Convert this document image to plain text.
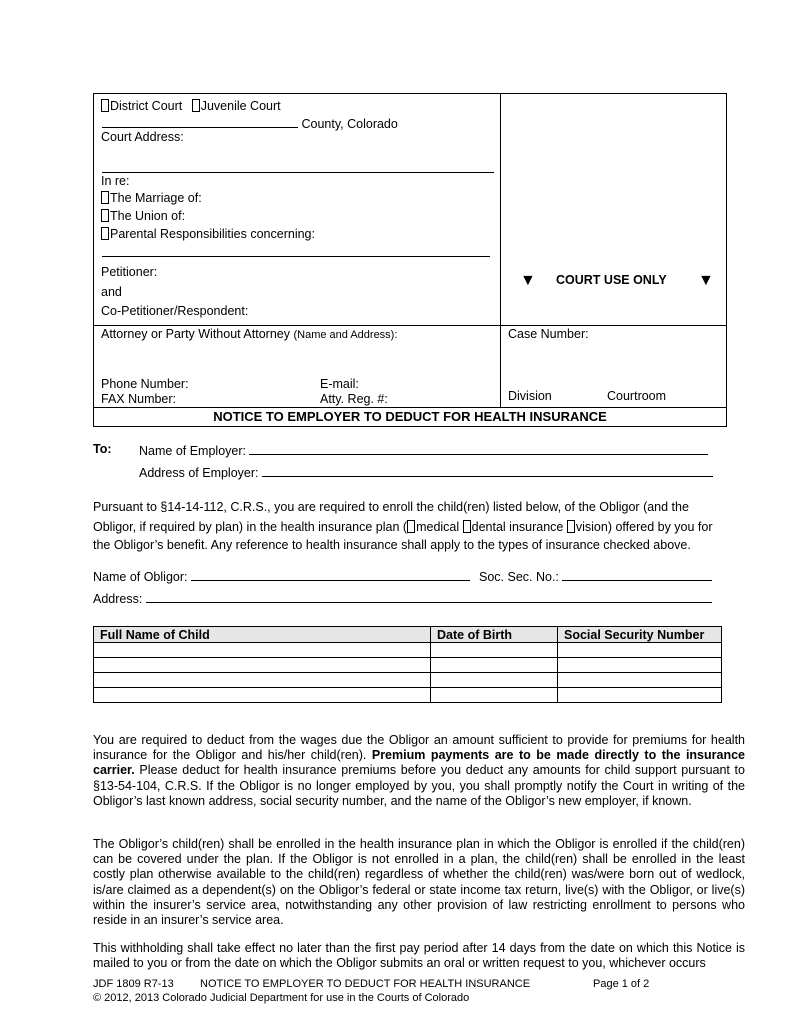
District Court Juvenile Court
County, Colorado
Court Address:
In re:
The Marriage of:
The Union of:
Parental Responsibilities concerning:
Petitioner:
and
Co-Petitioner/Respondent:
Attorney or Party Without Attorney (Name and Address):
Phone Number:	E-mail:
FAX Number:	Atty. Reg. #:
▼ COURT USE ONLY ▼
Case Number:
Division	Courtroom
NOTICE TO EMPLOYER TO DEDUCT FOR HEALTH INSURANCE
To: Name of Employer:
Address of Employer:
Pursuant to §14-14-112, C.R.S., you are required to enroll the child(ren) listed below, of the Obligor (and the
Obligor, if required by plan) in the health insurance plan ( medical dental insurance vision) offered by you for
the Obligor’s benefit. Any reference to health insurance shall apply to the types of insurance checked above.
Name of Obligor:	Soc. Sec. No.:
Address:
Full Name of Child	Date of Birth	Social Security Number

You are required to deduct from the wages due the Obligor an amount sufficient to provide for premiums for health insurance for the Obligor and his/her child(ren). Premium payments are to be made directly to the insurance carrier. Please deduct for health insurance premiums before you deduct any amounts for child support pursuant to §13-54-104, C.R.S. If the Obligor is no longer employed by you, you shall promptly notify the Court in writing of the Obligor’s last known address, social security number, and the name of the Obligor’s new employer, if known.
The Obligor’s child(ren) shall be enrolled in the health insurance plan in which the Obligor is enrolled if the child(ren) can be covered under the plan. If the Obligor is not enrolled in a plan, the child(ren) shall be enrolled in the least costly plan otherwise available to the child(ren) regardless of whether the child(ren) was/were born out of wedlock, is/are claimed as a dependent(s) on the Obligor’s federal or state income tax return, live(s) with the Obligor, or live(s) within the insurer’s service area, notwithstanding any other provision of law restricting enrollment to persons who reside in an insurer’s service area.
This withholding shall take effect no later than the first pay period after 14 days from the date on which this Notice is mailed to you or from the date on which the Obligor submits an oral or written request to you, whichever occurs
JDF 1809 R7-13 NOTICE TO EMPLOYER TO DEDUCT FOR HEALTH INSURANCE	Page 1 of 2
© 2012, 2013 Colorado Judicial Department for use in the Courts of Colorado
